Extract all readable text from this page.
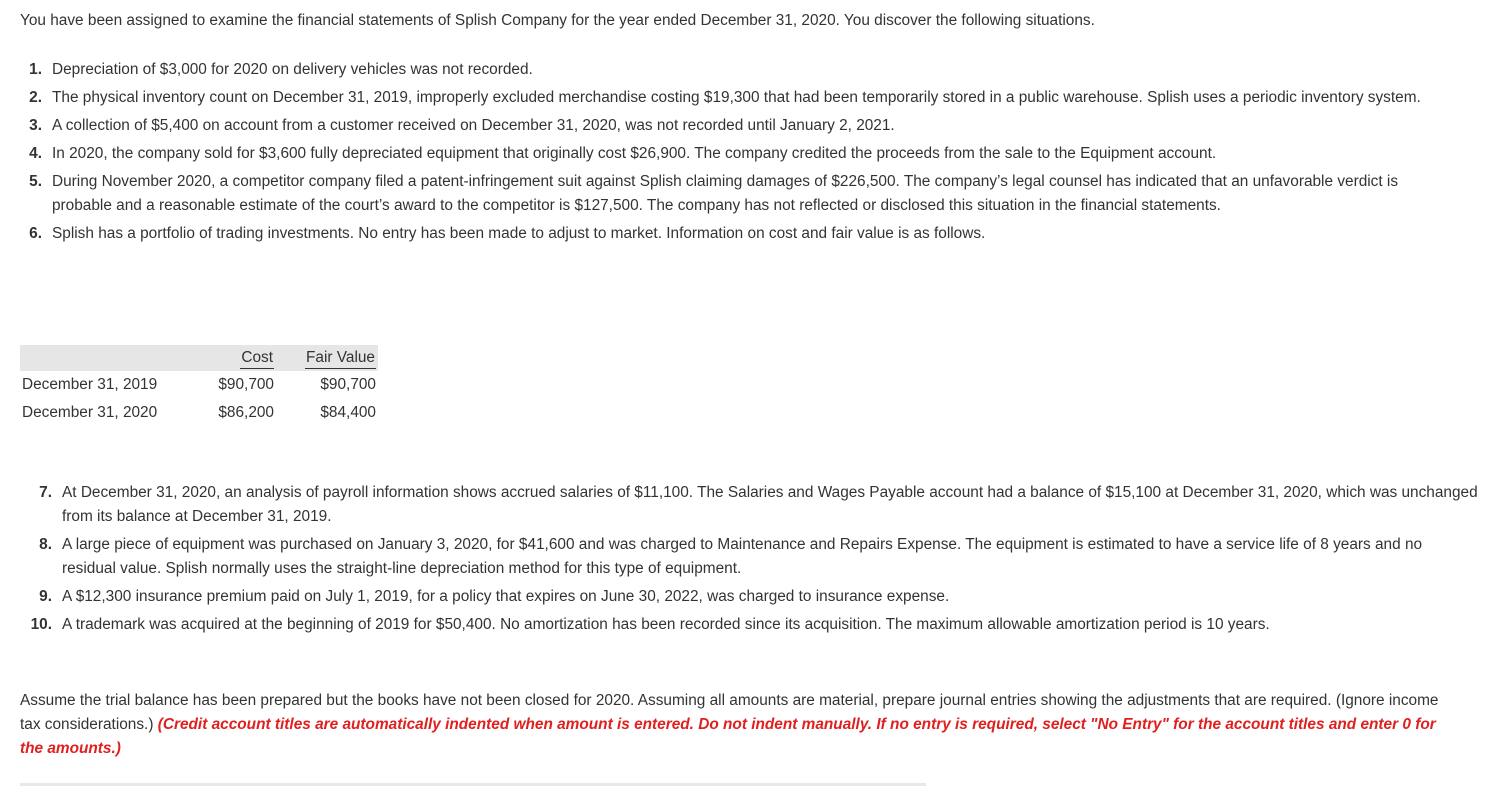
You have been assigned to examine the financial statements of Splish Company for the year ended December 31, 2020. You discover the following situations.
1. Depreciation of $3,000 for 2020 on delivery vehicles was not recorded.
2. The physical inventory count on December 31, 2019, improperly excluded merchandise costing $19,300 that had been temporarily stored in a public warehouse. Splish uses a periodic inventory system.
3. A collection of $5,400 on account from a customer received on December 31, 2020, was not recorded until January 2, 2021.
4. In 2020, the company sold for $3,600 fully depreciated equipment that originally cost $26,900. The company credited the proceeds from the sale to the Equipment account.
5. During November 2020, a competitor company filed a patent-infringement suit against Splish claiming damages of $226,500. The company’s legal counsel has indicated that an unfavorable verdict is probable and a reasonable estimate of the court’s award to the competitor is $127,500. The company has not reflected or disclosed this situation in the financial statements.
6. Splish has a portfolio of trading investments. No entry has been made to adjust to market. Information on cost and fair value is as follows.
	Cost	Fair Value
December 31, 2019	$90,700	$90,700
December 31, 2020	$86,200	$84,400
7. At December 31, 2020, an analysis of payroll information shows accrued salaries of $11,100. The Salaries and Wages Payable account had a balance of $15,100 at December 31, 2020, which was unchanged from its balance at December 31, 2019.
8. A large piece of equipment was purchased on January 3, 2020, for $41,600 and was charged to Maintenance and Repairs Expense. The equipment is estimated to have a service life of 8 years and no residual value. Splish normally uses the straight-line depreciation method for this type of equipment.
9. A $12,300 insurance premium paid on July 1, 2019, for a policy that expires on June 30, 2022, was charged to insurance expense.
10. A trademark was acquired at the beginning of 2019 for $50,400. No amortization has been recorded since its acquisition. The maximum allowable amortization period is 10 years.
Assume the trial balance has been prepared but the books have not been closed for 2020. Assuming all amounts are material, prepare journal entries showing the adjustments that are required. (Ignore income tax considerations.) (Credit account titles are automatically indented when amount is entered. Do not indent manually. If no entry is required, select "No Entry" for the account titles and enter 0 for the amounts.)
